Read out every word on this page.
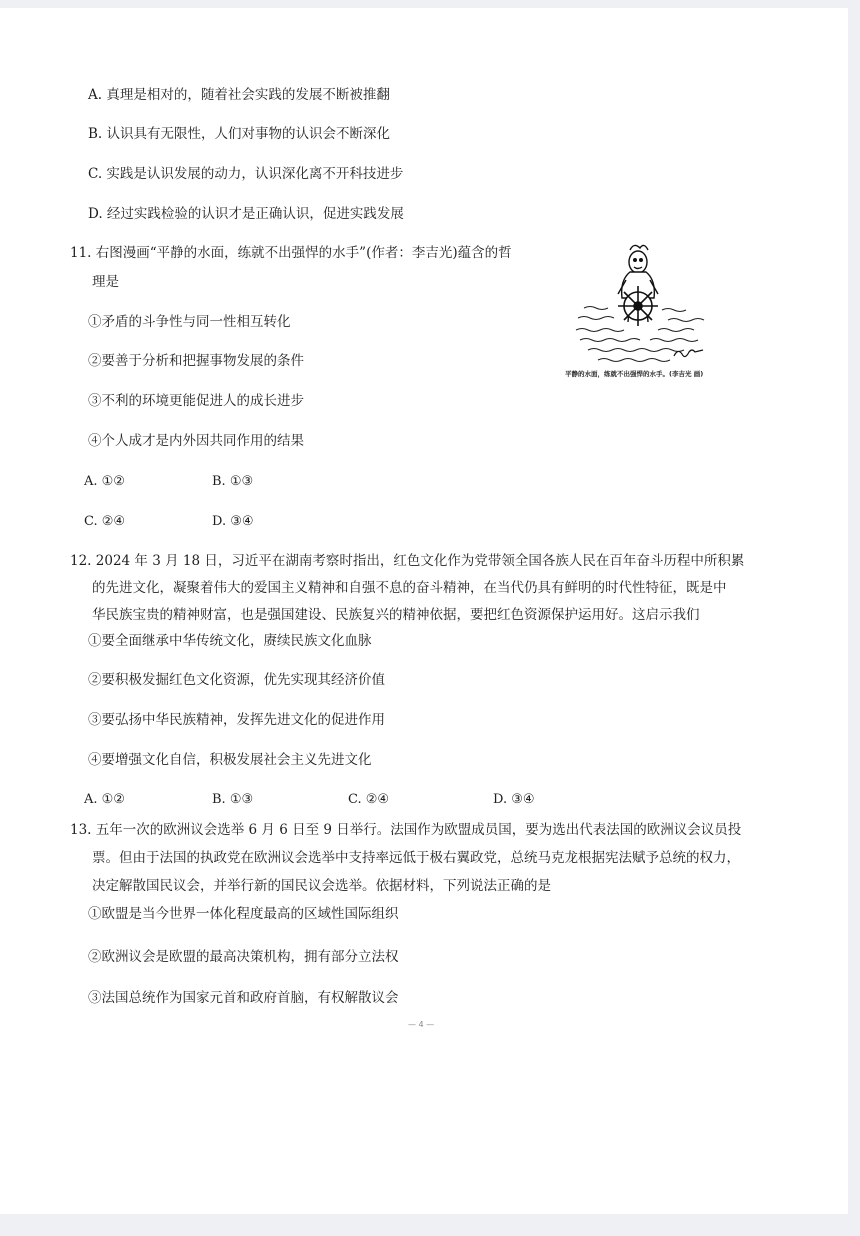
A. 真理是相对的，随着社会实践的发展不断被推翻
B. 认识具有无限性，人们对事物的认识会不断深化
C. 实践是认识发展的动力，认识深化离不开科技进步
D. 经过实践检验的认识才是正确认识，促进实践发展
11. 右图漫画“平静的水面，练就不出强悍的水手”(作者：李吉光)蕴含的哲
理是
①矛盾的斗争性与同一性相互转化
②要善于分析和把握事物发展的条件
③不利的环境更能促进人的成长进步
④个人成才是内外因共同作用的结果
A. ①②	B. ①③
C. ②④	D. ③④
平静的水面，练就不出强悍的水手。(李吉光 画)
12. 2024 年 3 月 18 日，习近平在湖南考察时指出，红色文化作为党带领全国各族人民在百年奋斗历程中所积累
的先进文化，凝聚着伟大的爱国主义精神和自强不息的奋斗精神，在当代仍具有鲜明的时代性特征，既是中
华民族宝贵的精神财富，也是强国建设、民族复兴的精神依据，要把红色资源保护运用好。这启示我们
①要全面继承中华传统文化，赓续民族文化血脉
②要积极发掘红色文化资源，优先实现其经济价值
③要弘扬中华民族精神，发挥先进文化的促进作用
④要增强文化自信，积极发展社会主义先进文化
A. ①②	B. ①③	C. ②④	D. ③④
13. 五年一次的欧洲议会选举 6 月 6 日至 9 日举行。法国作为欧盟成员国，要为选出代表法国的欧洲议会议员投
票。但由于法国的执政党在欧洲议会选举中支持率远低于极右翼政党，总统马克龙根据宪法赋予总统的权力，
决定解散国民议会，并举行新的国民议会选举。依据材料，下列说法正确的是
①欧盟是当今世界一体化程度最高的区域性国际组织
②欧洲议会是欧盟的最高决策机构，拥有部分立法权
③法国总统作为国家元首和政府首脑，有权解散议会
— 4 —
